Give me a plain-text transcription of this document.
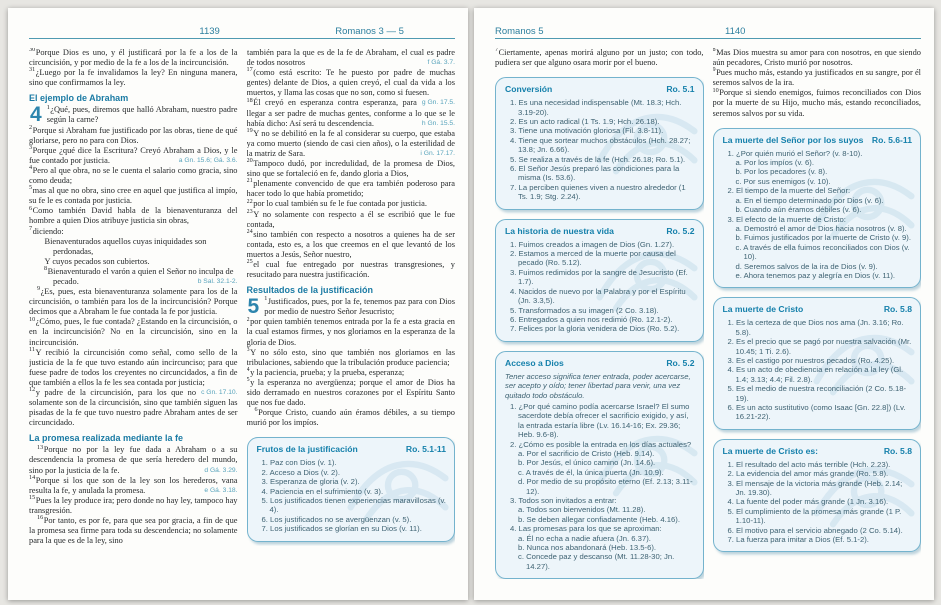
1139	Romanos 3 — 5

$^{30}$Porque Dios es uno, y él justificará por la fe a los de la circuncisión, y por medio de la fe a los de la incircuncisión.

$^{31}$¿Luego por la fe invalidamos la ley? En ninguna manera, sino que confirmamos la ley.

El ejemplo de Abraham
4 $^1$¿Qué, pues, diremos que halló Abraham, nuestro padre según la carne?

$^2$Porque si Abraham fue justificado por las obras, tiene de qué gloriarse, pero no para con Dios.

$^3$Porque ¿qué dice la Escritura? Creyó Abraham a Dios, y le fue contado por justicia.	a Gn. 15.6; Gá. 3.6.

$^4$Pero al que obra, no se le cuenta el salario como gracia, sino como deuda;

$^5$mas al que no obra, sino cree en aquel que justifica al impío, su fe le es contada por justicia.

$^6$Como también David habla de la bienaventuranza del hombre a quien Dios atribuye justicia sin obras,

$^7$diciendo:

Bienaventurados aquellos cuyas iniquidades son perdonadas,

Y cuyos pecados son cubiertos.

$^8$Bienaventurado el varón a quien el Señor no inculpa de pecado.	b Sal. 32.1-2.

$^9$¿Es, pues, esta bienaventuranza solamente para los de la circuncisión, o también para los de la incircuncisión? Porque decimos que a Abraham le fue contada la fe por justicia.

$^{10}$¿Cómo, pues, le fue contada? ¿Estando en la circuncisión, o en la incircuncisión? No en la circuncisión, sino en la incircuncisión.

$^{11}$Y recibió la circuncisión como señal, como sello de la justicia de la fe que tuvo estando aún incircunciso; para que fuese padre de todos los creyentes no circuncidados, a fin de que también a ellos la fe les sea contada por justicia;
c Gn. 17.10.

$^{12}$y padre de la circuncisión, para los que no solamente son de la circuncisión, sino que también siguen las pisadas de la fe que tuvo nuestro padre Abraham antes de ser circuncidado.

La promesa realizada mediante la fe

$^{13}$Porque no por la ley fue dada a Abraham o a su descendencia la promesa de que sería heredero del mundo, sino por la justicia de la fe.	d Gá. 3.29.

$^{14}$Porque si los que son de la ley son los herederos, vana resulta la fe, y anulada la promesa.	e Gá. 3.18.

$^{15}$Pues la ley produce ira; pero donde no hay ley, tampoco hay transgresión.

$^{16}$Por tanto, es por fe, para que sea por gracia, a fin de que la promesa sea firme para toda su descendencia; no solamente para la que es de la ley, sino

también para la que es de la fe de Abraham, el cual es padre de todos nosotros	f Gá. 3.7.

$^{17}$(como está escrito: Te he puesto por padre de muchas gentes) delante de Dios, a quien creyó, el cual da vida a los muertos, y llama las cosas que no son, como si fuesen.
g Gn. 17.5.

$^{18}$Él creyó en esperanza contra esperanza, para llegar a ser padre de muchas gentes, conforme a lo que se le había dicho: Así será tu descendencia.	h Gn. 15.5.

$^{19}$Y no se debilitó en la fe al considerar su cuerpo, que estaba ya como muerto (siendo de casi cien años), o la esterilidad de la matriz de Sara.	i Gn. 17.17.

$^{20}$Tampoco dudó, por incredulidad, de la promesa de Dios, sino que se fortaleció en fe, dando gloria a Dios,

$^{21}$plenamente convencido de que era también poderoso para hacer todo lo que había prometido;

$^{22}$por lo cual también su fe le fue contada por justicia.

$^{23}$Y no solamente con respecto a él se escribió que le fue contada,

$^{24}$sino también con respecto a nosotros a quienes ha de ser contada, esto es, a los que creemos en el que levantó de los muertos a Jesús, Señor nuestro,

$^{25}$el cual fue entregado por nuestras transgresiones, y resucitado para nuestra justificación.

Resultados de la justificación
5 $^1$Justificados, pues, por la fe, tenemos paz para con Dios por medio de nuestro Señor Jesucristo;

$^2$por quien también tenemos entrada por la fe a esta gracia en la cual estamos firmes, y nos gloriamos en la esperanza de la gloria de Dios.

$^3$Y no sólo esto, sino que también nos gloriamos en las tribulaciones, sabiendo que la tribulación produce paciencia;

$^4$y la paciencia, prueba; y la prueba, esperanza;

$^5$y la esperanza no avergüenza; porque el amor de Dios ha sido derramado en nuestros corazones por el Espíritu Santo que nos fue dado.

$^6$Porque Cristo, cuando aún éramos débiles, a su tiempo murió por los impíos.

Frutos de la justificación	Ro. 5.1-11
1. Paz con Dios (v. 1).
2. Acceso a Dios (v. 2).
3. Esperanza de gloria (v. 2).
4. Paciencia en el sufrimiento (v. 3).
5. Los justificados tienen experiencias maravillosas (v. 4).
6. Los justificados no se avergüenzan (v. 5).
7. Los justificados se glorían en su Dios (v. 11).
Romanos 5	1140

$^7$Ciertamente, apenas morirá alguno por un justo; con todo, pudiera ser que alguno osara morir por el bueno.

Conversión	Ro. 5.1
1. Es una necesidad indispensable (Mt. 18.3; Hch. 3.19-20).
2. Es un acto radical (1 Ts. 1.9; Hch. 26.18).
3. Tiene una motivación gloriosa (Fil. 3.8-11).
4. Tiene que sortear muchos obstáculos (Hch. 28.27; 13.8; Jn. 6.66).
5. Se realiza a través de la fe (Hch. 26.18; Ro. 5.1).
6. El Señor Jesús preparó las condiciones para la misma (Is. 53.6).
7. La perciben quienes viven a nuestro alrededor (1 Ts. 1.9; Stg. 2.24).
La historia de nuestra vida	Ro. 5.2
1. Fuimos creados a imagen de Dios (Gn. 1.27).
2. Estamos a merced de la muerte por causa del pecado (Ro. 5.12).
3. Fuimos redimidos por la sangre de Jesucristo (Ef. 1.7).
4. Nacidos de nuevo por la Palabra y por el Espíritu (Jn. 3.3,5).
5. Transformados a su imagen (2 Co. 3.18).
6. Entregados a quien nos redimió (Ro. 12.1-2).
7. Felices por la gloria venidera de Dios (Ro. 5.2).
Acceso a Dios	Ro. 5.2
Tener acceso significa tener entrada, poder acercarse, ser acepto y oído; tener libertad para venir, una vez quitado todo obstáculo.
1. ¿Por qué camino podía acercarse Israel? El sumo sacerdote debía ofrecer el sacrificio exigido, y así, la entrada estaría libre (Lv. 16.14-16; Ex. 29.36; Heb. 9.6-8).
2. ¿Cómo es posible la entrada en los días actuales?
a. Por el sacrificio de Cristo (Heb. 9.14).
b. Por Jesús, el único camino (Jn. 14.6).
c. A través de él, la única puerta (Jn. 10.9).
d. Por medio de su propósito eterno (Ef. 2.13; 3.11-12).
3. Todos son invitados a entrar:
a. Todos son bienvenidos (Mt. 11.28).
b. Se deben allegar confiadamente (Heb. 4.16).
4. Las promesas para los que se aproximan:
a. Él no echa a nadie afuera (Jn. 6.37).
b. Nunca nos abandonará (Heb. 13.5-6).
c. Concede paz y descanso (Mt. 11.28-30; Jn. 14.27).

$^8$Mas Dios muestra su amor para con nosotros, en que siendo aún pecadores, Cristo murió por nosotros.

$^9$Pues mucho más, estando ya justificados en su sangre, por él seremos salvos de la ira.

$^{10}$Porque si siendo enemigos, fuimos reconciliados con Dios por la muerte de su Hijo, mucho más, estando reconciliados, seremos salvos por su vida.

La muerte del Señor por los suyos Ro. 5.6-11
1. ¿Por quién murió el Señor? (v. 8-10).
a. Por los impíos (v. 6).
b. Por los pecadores (v. 8).
c. Por sus enemigos (v. 10).
2. El tiempo de la muerte del Señor:
a. En el tiempo determinado por Dios (v. 6).
b. Cuando aún éramos débiles (v. 6).
3. El efecto de la muerte de Cristo:
a. Demostró el amor de Dios hacia nosotros (v. 8).
b. Fuimos justificados por la muerte de Cristo (v. 9).
c. A través de ella fuimos reconciliados con Dios (v. 10).
d. Seremos salvos de la ira de Dios (v. 9).
e. Ahora tenemos paz y alegría en Dios (v. 11).
La muerte de Cristo	Ro. 5.8
1. Es la certeza de que Dios nos ama (Jn. 3.16; Ro. 5.8).
2. Es el precio que se pagó por nuestra salvación (Mr. 10.45; 1 Ti. 2.6).
3. Es el castigo por nuestros pecados (Ro. 4.25).
4. Es un acto de obediencia en relación a la ley (Gl. 1.4; 3.13; 4.4; Fil. 2.8).
5. Es el medio de nuestra reconciliación (2 Co. 5.18-19).
6. Es un acto sustitutivo (como Isaac [Gn. 22.8]) (Lv. 16.21-22).
La muerte de Cristo es:	Ro. 5.8
1. El resultado del acto más terrible (Hch. 2.23).
2. La evidencia del amor más grande (Ro. 5.8).
3. El mensaje de la victoria más grande (Heb. 2.14; Jn. 19.30).
4. La fuente del poder más grande (1 Jn. 3.16).
5. El cumplimiento de la promesa más grande (1 P. 1.10-11).
6. El motivo para el servicio abnegado (2 Co. 5.14).
7. La fuerza para imitar a Dios (Ef. 5.1-2).
